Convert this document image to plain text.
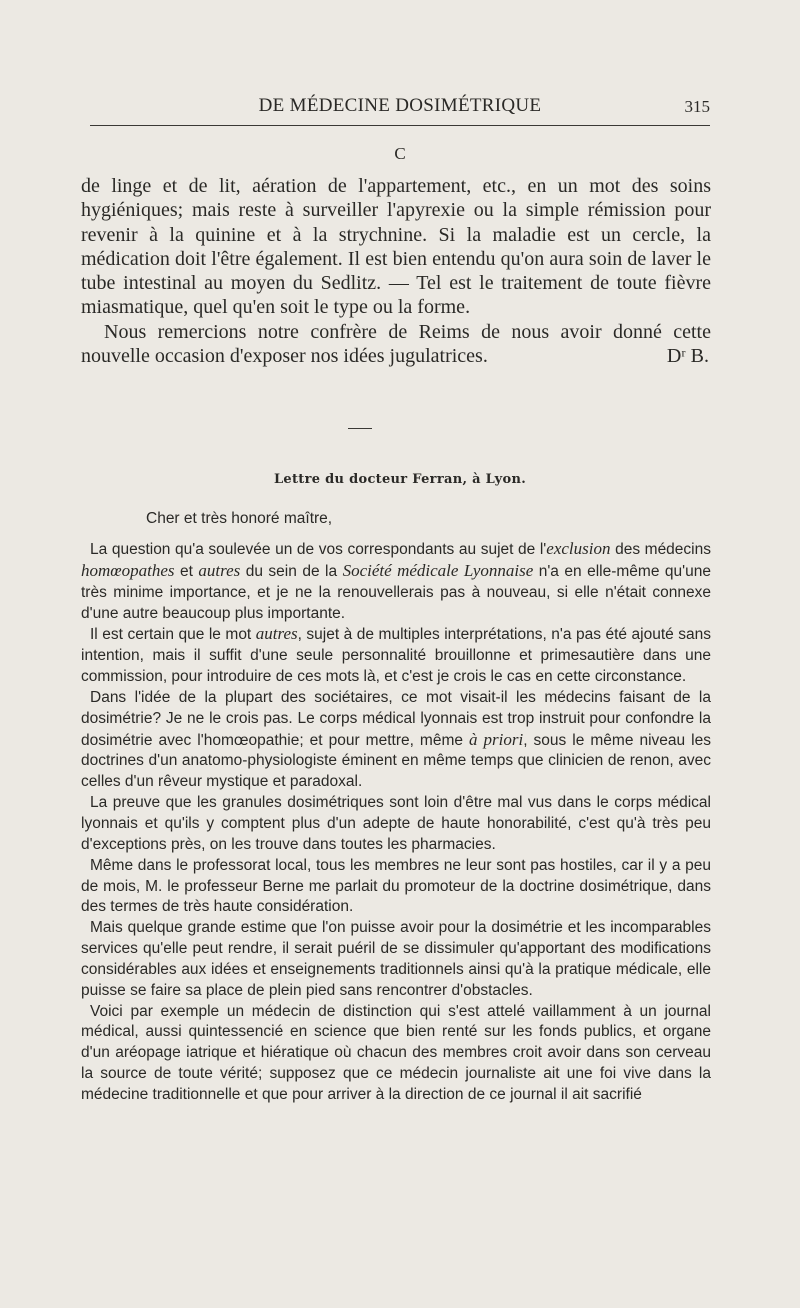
DE MÉDECINE DOSIMÉTRIQUE	315
C

de linge et de lit, aération de l'appartement, etc., en un mot des soins hygiéniques; mais reste à surveiller l'apyrexie ou la simple rémission pour revenir à la quinine et à la strychnine. Si la maladie est un cercle, la médication doit l'être également. Il est bien entendu qu'on aura soin de laver le tube intestinal au moyen du Sedlitz. — Tel est le traitement de toute fièvre miasmatique, quel qu'en soit le type ou la forme.

Nous remercions notre confrère de Reims de nous avoir donné cette nouvelle occasion d'exposer nos idées jugulatrices.	Dʳ B.

Lettre du docteur Ferran, à Lyon.
Cher et très honoré maître,

La question qu'a soulevée un de vos correspondants au sujet de l'exclusion des médecins homœopathes et autres du sein de la Société médicale Lyonnaise n'a en elle-même qu'une très minime importance, et je ne la renouvellerais pas à nouveau, si elle n'était connexe d'une autre beaucoup plus importante.

Il est certain que le mot autres, sujet à de multiples interprétations, n'a pas été ajouté sans intention, mais il suffit d'une seule personnalité brouillonne et primesautière dans une commission, pour introduire de ces mots là, et c'est je crois le cas en cette circonstance.

Dans l'idée de la plupart des sociétaires, ce mot visait-il les médecins faisant de la dosimétrie? Je ne le crois pas. Le corps médical lyonnais est trop instruit pour confondre la dosimétrie avec l'homœopathie; et pour mettre, même à priori, sous le même niveau les doctrines d'un anatomo-physiologiste éminent en même temps que clinicien de renon, avec celles d'un rêveur mystique et paradoxal.

La preuve que les granules dosimétriques sont loin d'être mal vus dans le corps médical lyonnais et qu'ils y comptent plus d'un adepte de haute honorabilité, c'est qu'à très peu d'exceptions près, on les trouve dans toutes les pharmacies.

Même dans le professorat local, tous les membres ne leur sont pas hostiles, car il y a peu de mois, M. le professeur Berne me parlait du promoteur de la doctrine dosimétrique, dans des termes de très haute considération.

Mais quelque grande estime que l'on puisse avoir pour la dosimétrie et les incomparables services qu'elle peut rendre, il serait puéril de se dissimuler qu'apportant des modifications considérables aux idées et enseignements traditionnels ainsi qu'à la pratique médicale, elle puisse se faire sa place de plein pied sans rencontrer d'obstacles.

Voici par exemple un médecin de distinction qui s'est attelé vaillamment à un journal médical, aussi quintessencié en science que bien renté sur les fonds publics, et organe d'un aréopage iatrique et hiératique où chacun des membres croit avoir dans son cerveau la source de toute vérité; supposez que ce médecin journaliste ait une foi vive dans la médecine traditionnelle et que pour arriver à la direction de ce journal il ait sacrifié
